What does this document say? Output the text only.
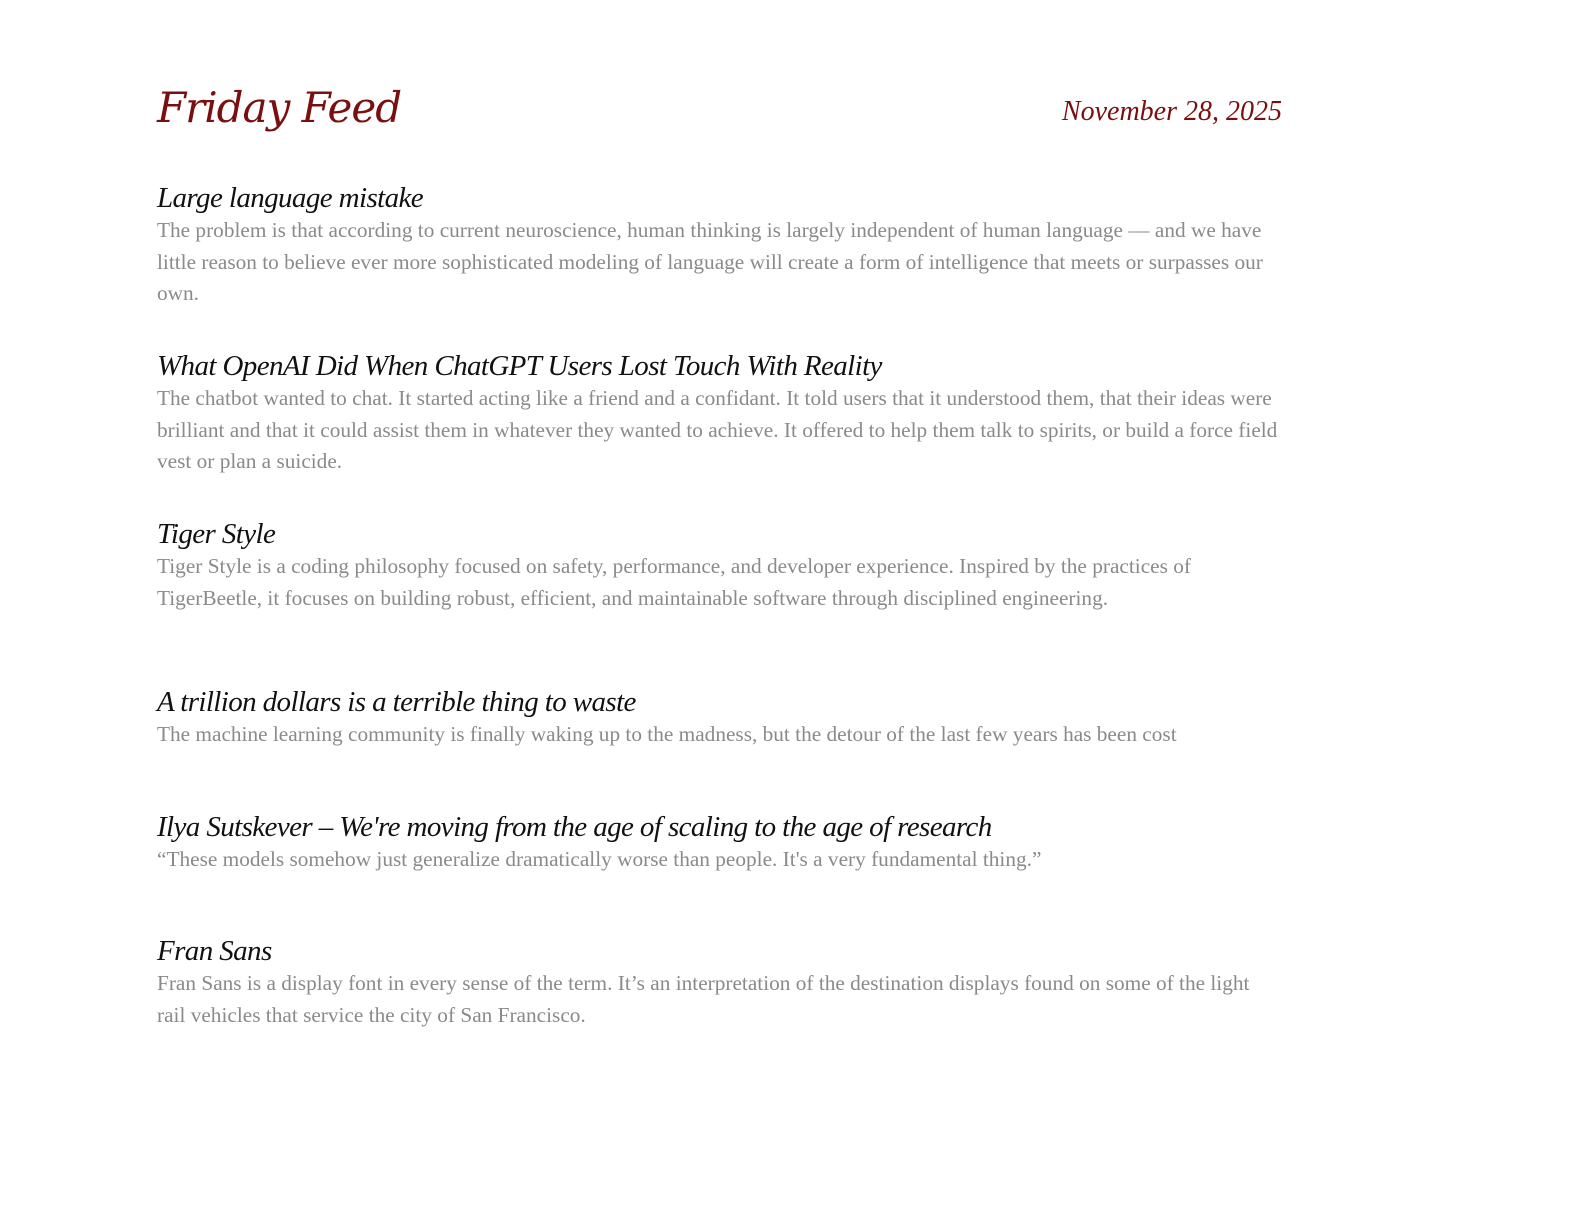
Friday Feed	November 28, 2025
Large language mistake

The problem is that according to current neuroscience, human thinking is largely independent of human language — and we have little reason to believe ever more sophisticated modeling of language will create a form of intelligence that meets or surpasses our own.

What OpenAI Did When ChatGPT Users Lost Touch With Reality

The chatbot wanted to chat. It started acting like a friend and a confidant. It told users that it understood them, that their ideas were brilliant and that it could assist them in whatever they wanted to achieve. It offered to help them talk to spirits, or build a force field vest or plan a suicide.

Tiger Style

Tiger Style is a coding philosophy focused on safety, performance, and developer experience. Inspired by the practices of TigerBeetle, it focuses on building robust, efficient, and maintainable software through disciplined engineering.

A trillion dollars is a terrible thing to waste

The machine learning community is finally waking up to the madness, but the detour of the last few years has been cost

Ilya Sutskever – We're moving from the age of scaling to the age of research

“These models somehow just generalize dramatically worse than people. It's a very fundamental thing.”

Fran Sans

Fran Sans is a display font in every sense of the term. It’s an interpretation of the destination displays found on some of the light rail vehicles that service the city of San Francisco.
